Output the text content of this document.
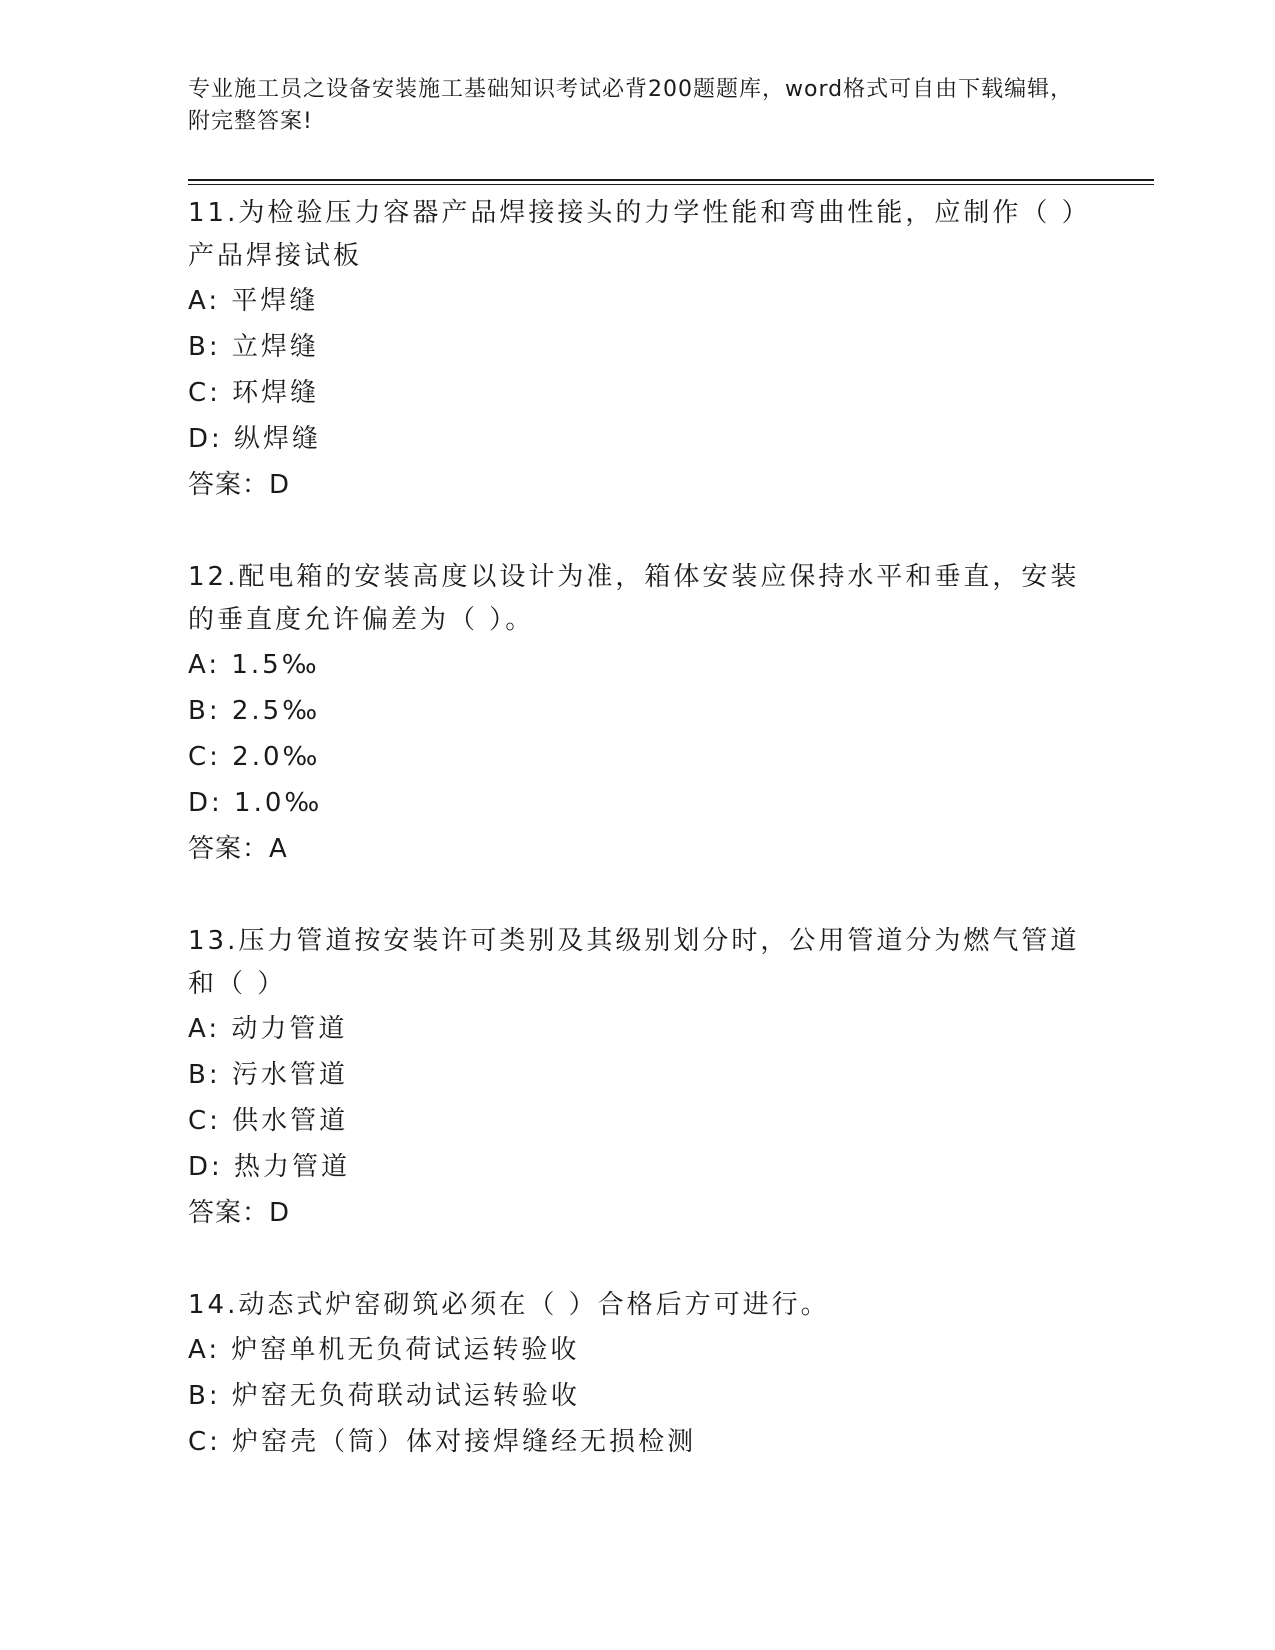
专业施工员之设备安装施工基础知识考试必背200题题库，word格式可自由下载编辑，附完整答案!
11.为检验压力容器产品焊接接头的力学性能和弯曲性能，应制作（ ）产品焊接试板
A: 平焊缝
B: 立焊缝
C: 环焊缝
D: 纵焊缝
答案：D
12.配电箱的安装高度以设计为准，箱体安装应保持水平和垂直，安装的垂直度允许偏差为（ ）。
A: 1.5‰
B: 2.5‰
C: 2.0‰
D: 1.0‰
答案：A
13.压力管道按安装许可类别及其级别划分时，公用管道分为燃气管道和（ ）
A: 动力管道
B: 污水管道
C: 供水管道
D: 热力管道
答案：D
14.动态式炉窑砌筑必须在（ ）合格后方可进行。
A: 炉窑单机无负荷试运转验收
B: 炉窑无负荷联动试运转验收
C: 炉窑壳（筒）体对接焊缝经无损检测
